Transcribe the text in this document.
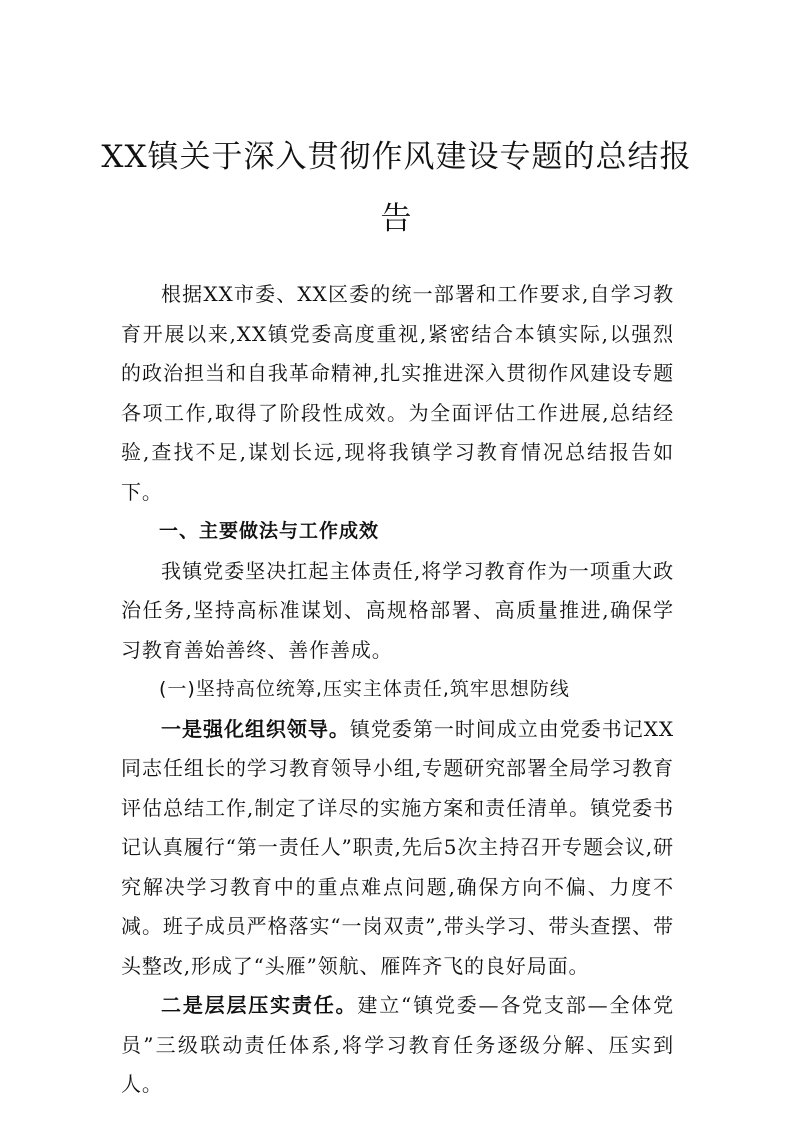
XX镇关于深入贯彻作风建设专题的总结报告

根据XX市委、XX区委的统一部署和工作要求,自学习教育开展以来,XX镇党委高度重视,紧密结合本镇实际,以强烈的政治担当和自我革命精神,扎实推进深入贯彻作风建设专题各项工作,取得了阶段性成效。为全面评估工作进展,总结经验,查找不足,谋划长远,现将我镇学习教育情况总结报告如下。

一、主要做法与工作成效

我镇党委坚决扛起主体责任,将学习教育作为一项重大政治任务,坚持高标准谋划、高规格部署、高质量推进,确保学习教育善始善终、善作善成。

(一)坚持高位统筹,压实主体责任,筑牢思想防线

一是强化组织领导。镇党委第一时间成立由党委书记XX同志任组长的学习教育领导小组,专题研究部署全局学习教育评估总结工作,制定了详尽的实施方案和责任清单。镇党委书记认真履行“第一责任人”职责,先后5次主持召开专题会议,研究解决学习教育中的重点难点问题,确保方向不偏、力度不减。班子成员严格落实“一岗双责”,带头学习、带头查摆、带头整改,形成了“头雁”领航、雁阵齐飞的良好局面。

二是层层压实责任。建立“镇党委—各党支部—全体党员”三级联动责任体系,将学习教育任务逐级分解、压实到人。
